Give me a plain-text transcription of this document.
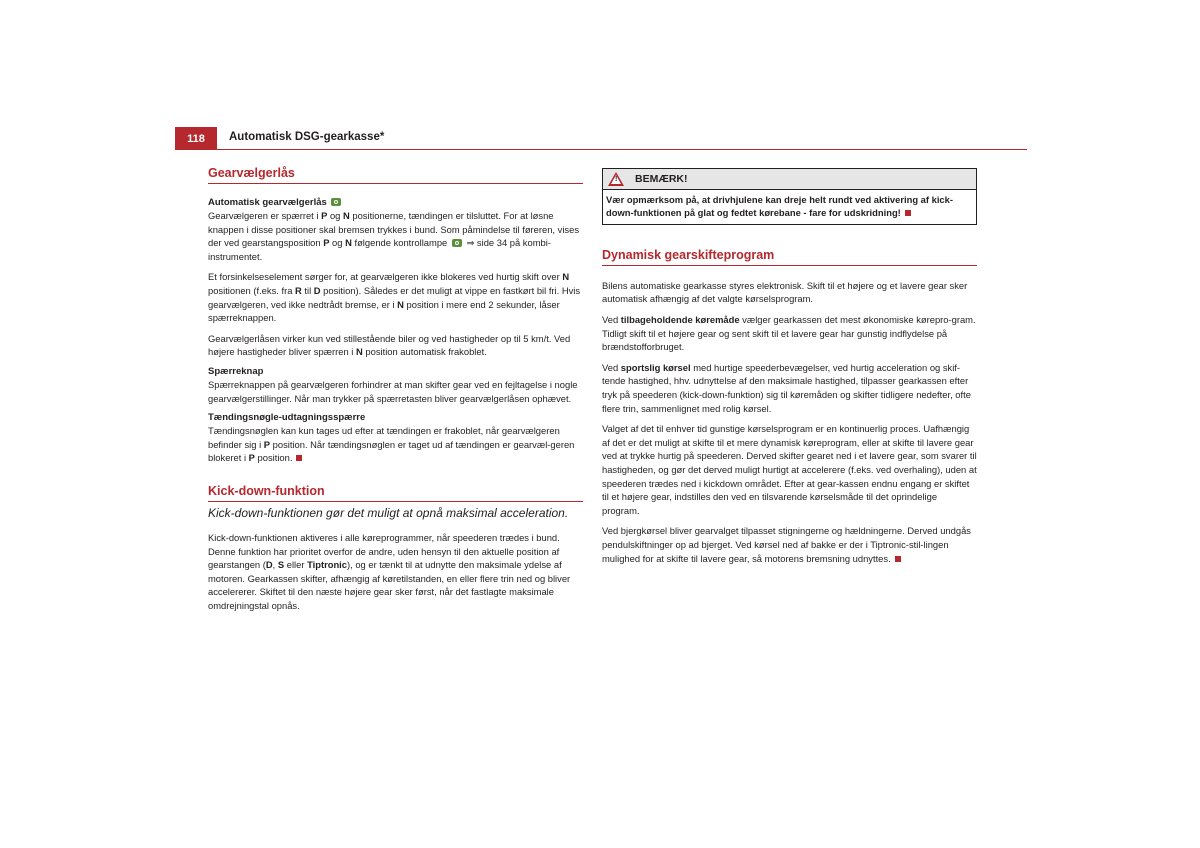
118	Automatisk DSG-gearkasse*
Gearvælgerlås
Automatisk gearvælgerlås

Gearvælgeren er spærret i P og N positionerne, tændingen er tilsluttet. For at løsne knappen i disse positioner skal bremsen trykkes i bund. Som påmindelse til føreren, vises der ved gearstangsposition P og N følgende kontrollampe  ⇒ side 34 på kombi-instrumentet.

Et forsinkelseselement sørger for, at gearvælgeren ikke blokeres ved hurtig skift over N positionen (f.eks. fra R til D position). Således er det muligt at vippe en fastkørt bil fri. Hvis gearvælgeren, ved ikke nedtrådt bremse, er i N position i mere end 2 sekunder, låser spærreknappen.

Gearvælgerlåsen virker kun ved stillestående biler og ved hastigheder op til 5 km/t. Ved højere hastigheder bliver spærren i N position automatisk frakoblet.

Spærreknap

Spærreknappen på gearvælgeren forhindrer at man skifter gear ved en fejltagelse i nogle gearvælgerstillinger. Når man trykker på spærretasten bliver gearvælgerlåsen ophævet.

Tændingsnøgle-udtagningsspærre

Tændingsnøglen kan kun tages ud efter at tændingen er frakoblet, når gearvælgeren befinder sig i P position. Når tændingsnøglen er taget ud af tændingen er gearvæl-geren blokeret i P position.

Kick-down-funktion

Kick-down-funktionen gør det muligt at opnå maksimal acceleration.

Kick-down-funktionen aktiveres i alle køreprogrammer, når speederen trædes i bund. Denne funktion har prioritet overfor de andre, uden hensyn til den aktuelle position af gearstangen (D, S eller Tiptronic), og er tænkt til at udnytte den maksimale ydelse af motoren. Gearkassen skifter, afhængig af køretilstanden, en eller flere trin ned og bliver accelererer. Skiftet til den næste højere gear sker først, når det fastlagte maksimale omdrejningstal opnås.

! BEMÆRK!
Vær opmærksom på, at drivhjulene kan dreje helt rundt ved aktivering af kick-down-funktionen på glat og fedtet kørebane - fare for udskridning!
Dynamisk gearskifteprogram

Bilens automatiske gearkasse styres elektronisk. Skift til et højere og et lavere gear sker automatisk afhængig af det valgte kørselsprogram.

Ved tilbageholdende køremåde vælger gearkassen det mest økonomiske kørepro-gram. Tidligt skift til et højere gear og sent skift til et lavere gear har gunstig indflydelse på brændstofforbruget.

Ved sportslig kørsel med hurtige speederbevægelser, ved hurtig acceleration og skif-tende hastighed, hhv. udnyttelse af den maksimale hastighed, tilpasser gearkassen efter tryk på speederen (kick-down-funktion) sig til køremåden og skifter tidligere nedefter, ofte flere trin, sammenlignet med rolig kørsel.

Valget af det til enhver tid gunstige kørselsprogram er en kontinuerlig proces. Uafhængig af det er det muligt at skifte til et mere dynamisk køreprogram, eller at skifte til lavere gear ved at trykke hurtig på speederen. Derved skifter gearet ned i et lavere gear, som svarer til hastigheden, og gør det derved muligt hurtigt at accelerere (f.eks. ved overhaling), uden at speederen trædes ned i kickdown området. Efter at gear-kassen endnu engang er skiftet til et højere gear, indstilles den ved en tilsvarende kørselsmåde til det oprindelige program.

Ved bjergkørsel bliver gearvalget tilpasset stigningerne og hældningerne. Derved undgås pendulskiftninger op ad bjerget. Ved kørsel ned af bakke er der i Tiptronic-stil-lingen mulighed for at skifte til lavere gear, så motorens bremsning udnyttes.
